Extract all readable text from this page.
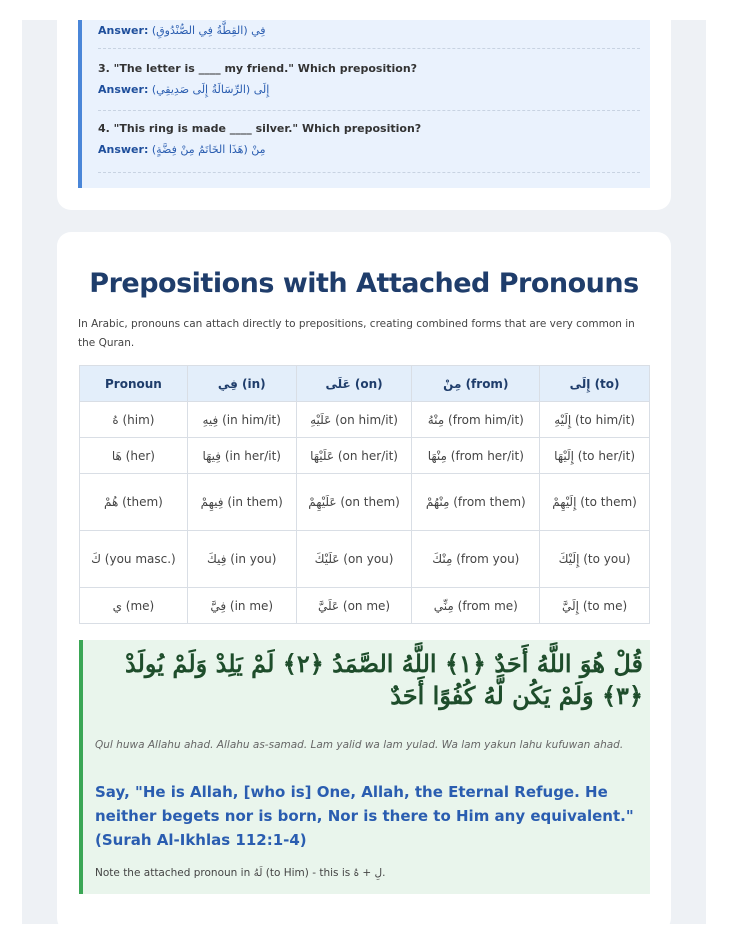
Answer: فِي (القِطَّةُ فِي الصُّنْدُوقِ)
3. "The letter is ____ my friend." Which preposition?
Answer: إِلَى (الرِّسَالَةُ إِلَى صَدِيقِي)
4. "This ring is made ____ silver." Which preposition?
Answer: مِنْ (هَذَا الخَاتَمُ مِنْ فِضَّةٍ)
Prepositions with Attached Pronouns

In Arabic, pronouns can attach directly to prepositions, creating combined forms that are very common in the Quran.

Pronoun	فِي (in)	عَلَى (on)	مِنْ (from)	إِلَى (to)
هُ (him)	فِيهِ (in him/it)	عَلَيْهِ (on him/it)	مِنْهُ (from him/it)	إِلَيْهِ (to him/it)
هَا (her)	فِيهَا (in her/it)	عَلَيْهَا (on her/it)	مِنْهَا (from her/it)	إِلَيْهَا (to her/it)
هُمْ (them)	فِيهِمْ (in them)	عَلَيْهِمْ (on them)	مِنْهُمْ (from them)	إِلَيْهِمْ (to them)
كَ (you masc.)	فِيكَ (in you)	عَلَيْكَ (on you)	مِنْكَ (from you)	إِلَيْكَ (to you)
ي (me)	فِيَّ (in me)	عَلَيَّ (on me)	مِنِّي (from me)	إِلَيَّ (to me)
قُلْ هُوَ اللَّهُ أَحَدٌ ﴿١﴾ اللَّهُ الصَّمَدُ ﴿٢﴾ لَمْ يَلِدْ وَلَمْ يُولَدْ ﴿٣﴾ وَلَمْ يَكُن لَّهُ كُفُوًا أَحَدٌ
Qul huwa Allahu ahad. Allahu as-samad. Lam yalid wa lam yulad. Wa lam yakun lahu kufuwan ahad.
Say, "He is Allah, [who is] One, Allah, the Eternal Refuge. He neither begets nor is born, Nor is there to Him any equivalent." (Surah Al-Ikhlas 112:1-4)
Note the attached pronoun in لَهُ (to Him) - this is لِ + هُ.
